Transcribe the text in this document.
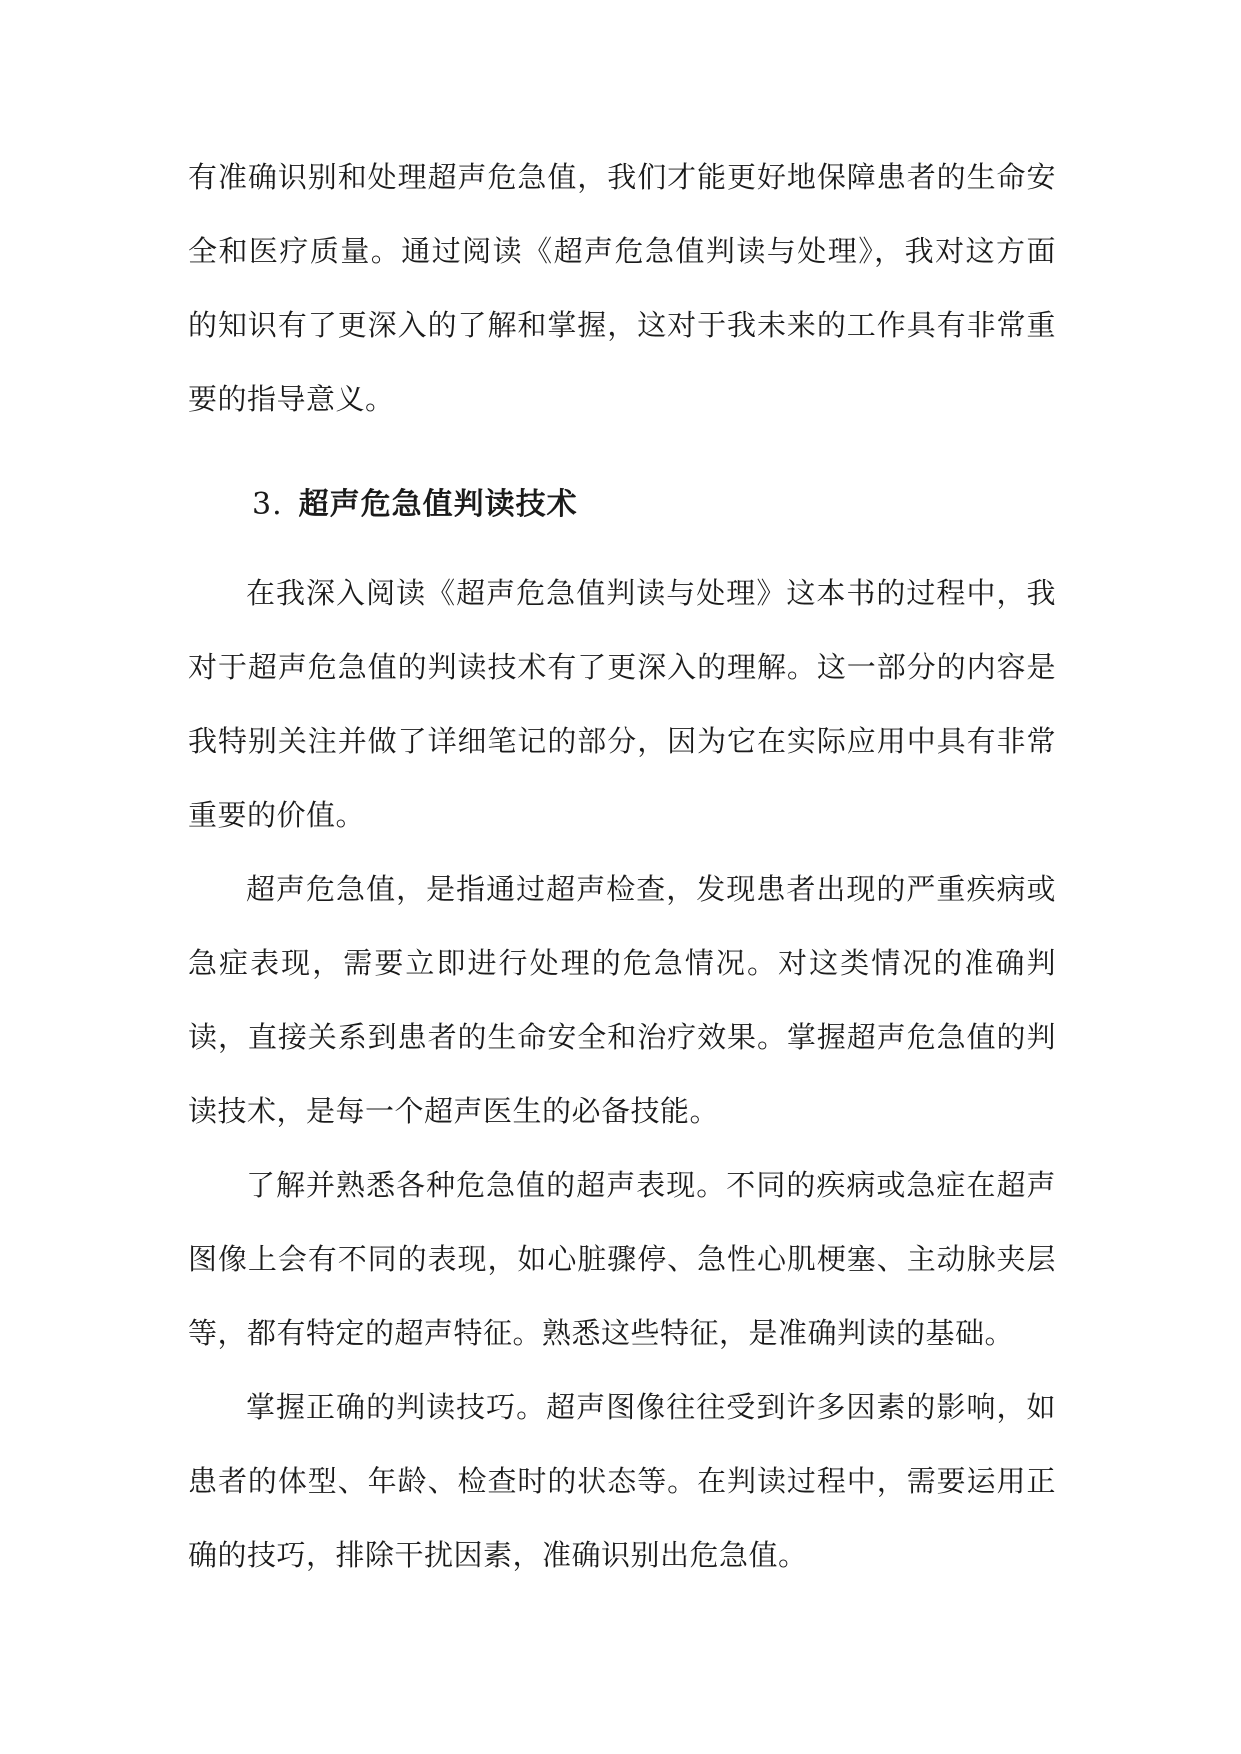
有准确识别和处理超声危急值，我们才能更好地保障患者的生命安全和医疗质量。通过阅读《超声危急值判读与处理》，我对这方面的知识有了更深入的了解和掌握，这对于我未来的工作具有非常重要的指导意义。

3. 超声危急值判读技术

在我深入阅读《超声危急值判读与处理》这本书的过程中，我对于超声危急值的判读技术有了更深入的理解。这一部分的内容是我特别关注并做了详细笔记的部分，因为它在实际应用中具有非常重要的价值。

超声危急值，是指通过超声检查，发现患者出现的严重疾病或急症表现，需要立即进行处理的危急情况。对这类情况的准确判读，直接关系到患者的生命安全和治疗效果。掌握超声危急值的判读技术，是每一个超声医生的必备技能。

了解并熟悉各种危急值的超声表现。不同的疾病或急症在超声图像上会有不同的表现，如心脏骤停、急性心肌梗塞、主动脉夹层等，都有特定的超声特征。熟悉这些特征，是准确判读的基础。

掌握正确的判读技巧。超声图像往往受到许多因素的影响，如患者的体型、年龄、检查时的状态等。在判读过程中，需要运用正确的技巧，排除干扰因素，准确识别出危急值。
